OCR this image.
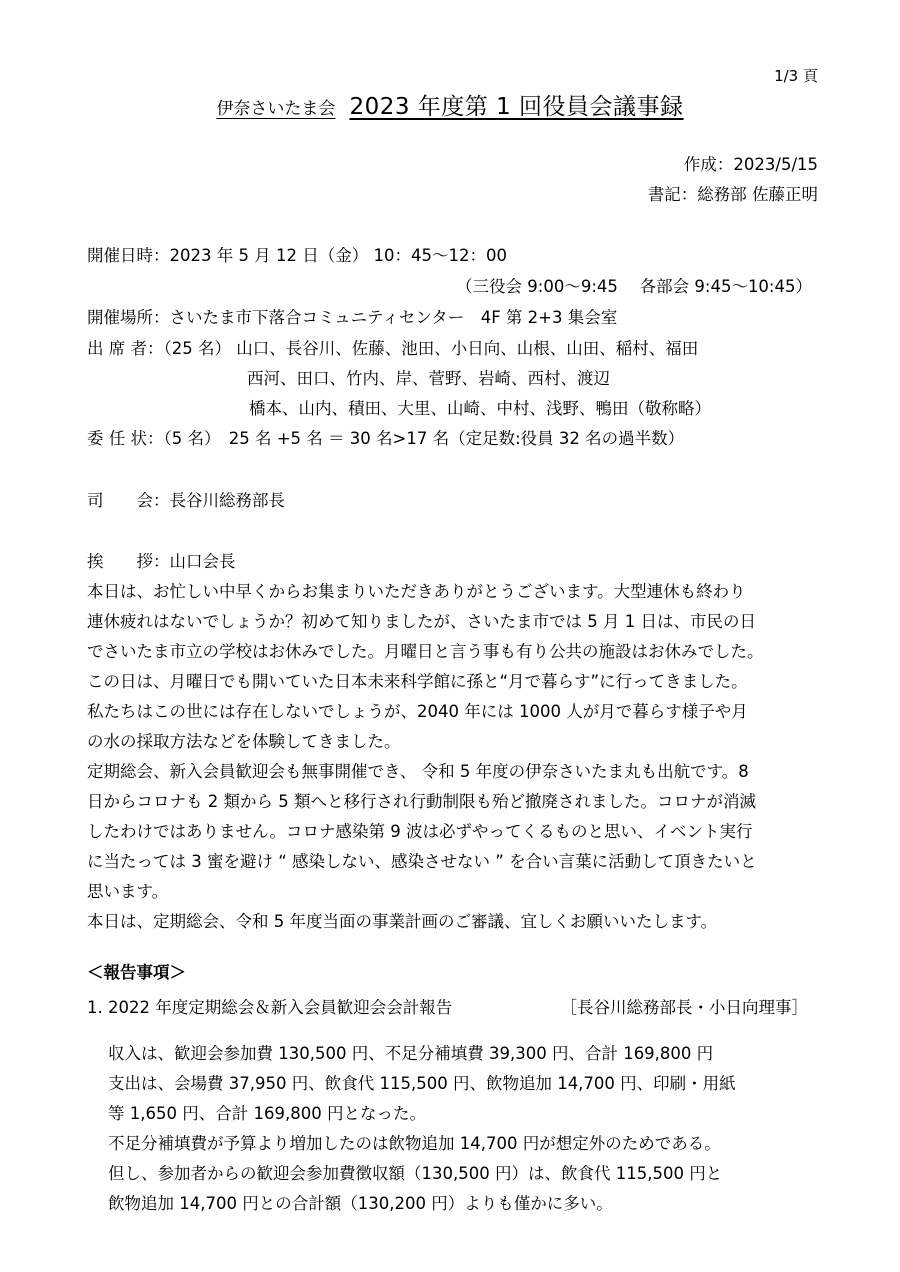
1/3 頁
伊奈さいたま会 2023 年度第 1 回役員会議事録
作成：2023/5/15
書記：総務部 佐藤正明
開催日時：2023 年 5 月 12 日（金） 10：45～12：00
（三役会 9:00～9:45　 各部会 9:45～10:45）
開催場所：さいたま市下落合コミュニティセンター　4F 第 2+3 集会室
出 席 者：（25 名） 山口、長谷川、佐藤、池田、小日向、山根、山田、稲村、福田
西河、田口、竹内、岸、菅野、岩崎、西村、渡辺
橋本、山内、積田、大里、山崎、中村、浅野、鴨田（敬称略）
委 任 状：（5 名）　25 名 +5 名 ＝ 30 名>17 名（定足数:役員 32 名の過半数）
司　　会：長谷川総務部長
挨　　拶：山口会長
本日は、お忙しい中早くからお集まりいただきありがとうございます。大型連休も終わり
連休疲れはないでしょうか？初めて知りましたが、さいたま市では 5 月 1 日は、市民の日
でさいたま市立の学校はお休みでした。月曜日と言う事も有り公共の施設はお休みでした。
この日は、月曜日でも開いていた日本未来科学館に孫と“月で暮らす”に行ってきました。
私たちはこの世には存在しないでしょうが、2040 年には 1000 人が月で暮らす様子や月
の水の採取方法などを体験してきました。
定期総会、新入会員歓迎会も無事開催でき、 令和 5 年度の伊奈さいたま丸も出航です。8
日からコロナも 2 類から 5 類へと移行され行動制限も殆ど撤廃されました。コロナが消滅
したわけではありません。コロナ感染第 9 波は必ずやってくるものと思い、イベント実行
に当たっては 3 蜜を避け “ 感染しない、感染させない ” を合い言葉に活動して頂きたいと
思います。
本日は、定期総会、令和 5 年度当面の事業計画のご審議、宜しくお願いいたします。
＜報告事項＞
1. 2022 年度定期総会＆新入会員歓迎会会計報告	［長谷川総務部長・小日向理事］
収入は、歓迎会参加費 130,500 円、不足分補填費 39,300 円、合計 169,800 円
支出は、会場費 37,950 円、飲食代 115,500 円、飲物追加 14,700 円、印刷・用紙
等 1,650 円、合計 169,800 円となった。
不足分補填費が予算より増加したのは飲物追加 14,700 円が想定外のためである。
但し、参加者からの歓迎会参加費徴収額（130,500 円）は、飲食代 115,500 円と
飲物追加 14,700 円との合計額（130,200 円）よりも僅かに多い。
